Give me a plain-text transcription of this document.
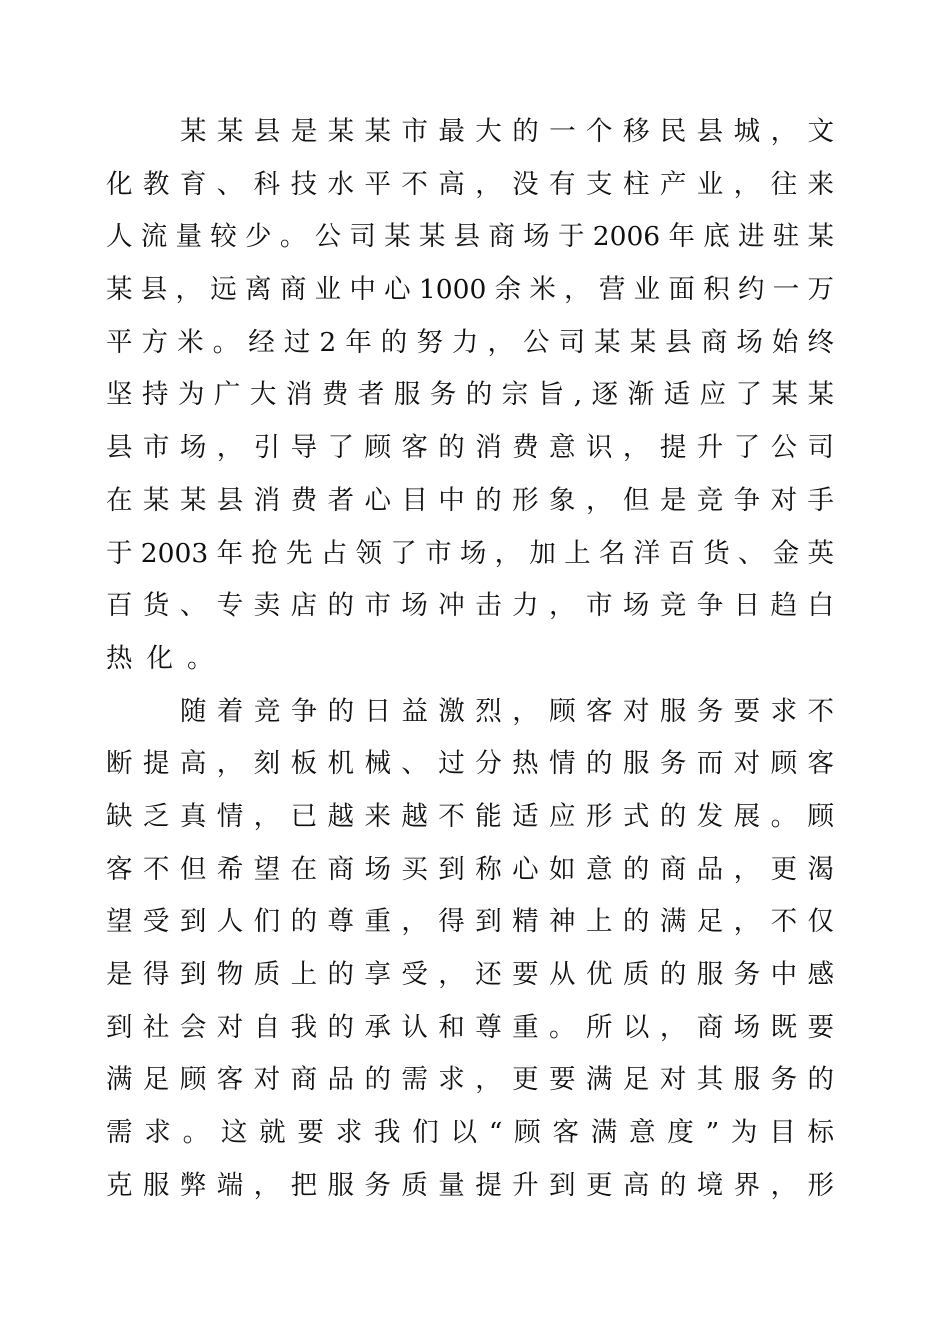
某某县是某某市最大的一个移民县城，文
化教育、科技水平不高，没有支柱产业，往来
人流量较少。公司某某县商场于2006年底进驻某
某县，远离商业中心1000余米，营业面积约一万
平方米。经过2年的努力，公司某某县商场始终
坚持为广大消费者服务的宗旨,逐渐适应了某某
县市场，引导了顾客的消费意识，提升了公司
在某某县消费者心目中的形象，但是竞争对手
于2003年抢先占领了市场，加上名洋百货、金英
百货、专卖店的市场冲击力，市场竞争日趋白
热化。
随着竞争的日益激烈，顾客对服务要求不
断提高，刻板机械、过分热情的服务而对顾客
缺乏真情，已越来越不能适应形式的发展。顾
客不但希望在商场买到称心如意的商品，更渴
望受到人们的尊重，得到精神上的满足，不仅
是得到物质上的享受，还要从优质的服务中感
到社会对自我的承认和尊重。所以，商场既要
满足顾客对商品的需求，更要满足对其服务的
需求。这就要求我们以“顾客满意度”为目标
克服弊端，把服务质量提升到更高的境界，形
